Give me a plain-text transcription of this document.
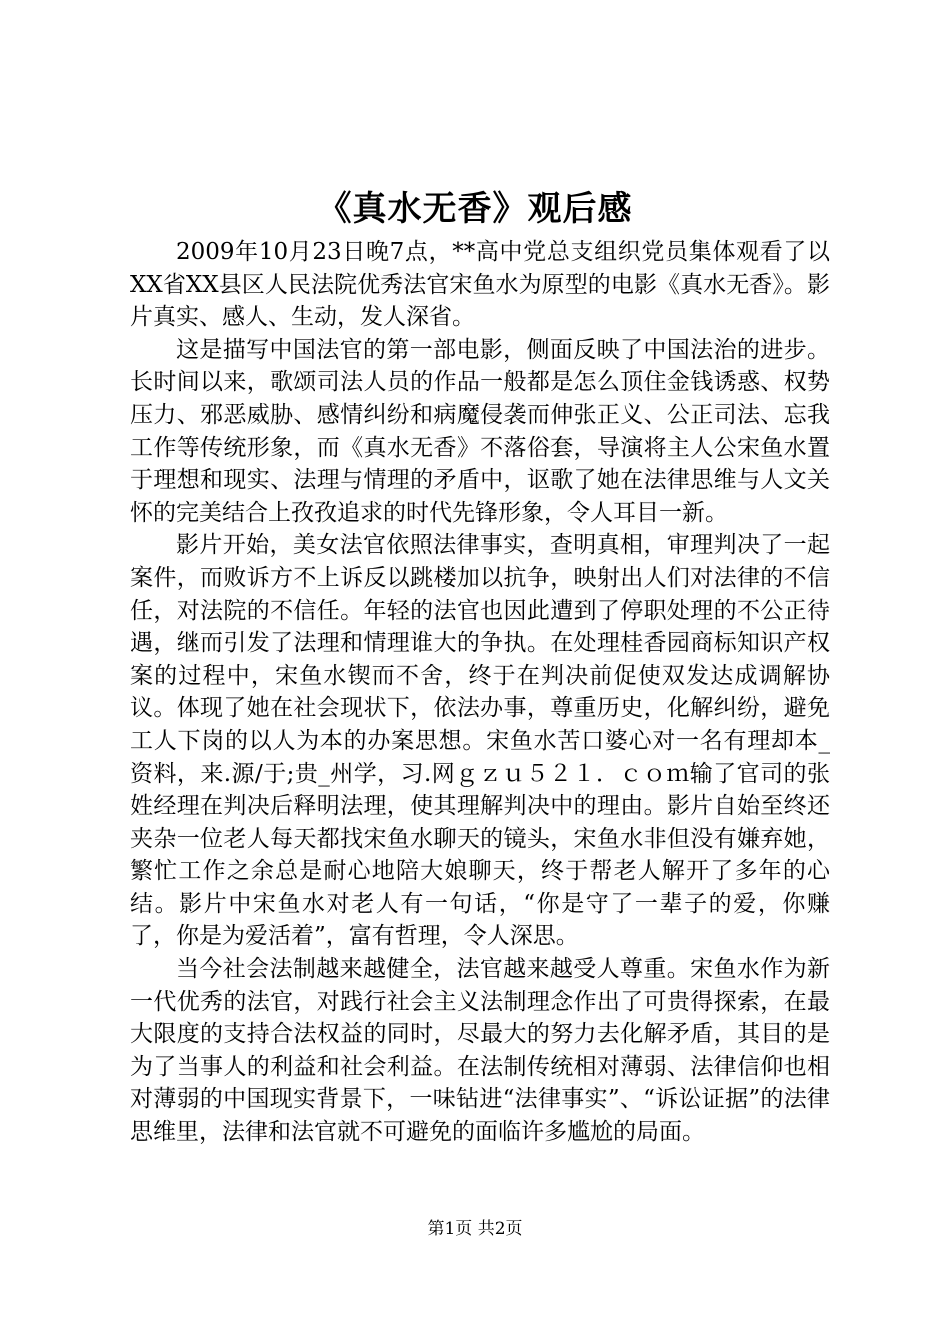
《真水无香》观后感

2009年10月23日晚7点，**高中党总支组织党员集体观看了以XX省XX县区人民法院优秀法官宋鱼水为原型的电影《真水无香》。影片真实、感人、生动，发人深省。

这是描写中国法官的第一部电影，侧面反映了中国法治的进步。长时间以来，歌颂司法人员的作品一般都是怎么顶住金钱诱惑、权势压力、邪恶威胁、感情纠纷和病魔侵袭而伸张正义、公正司法、忘我工作等传统形象，而《真水无香》不落俗套，导演将主人公宋鱼水置于理想和现实、法理与情理的矛盾中，讴歌了她在法律思维与人文关怀的完美结合上孜孜追求的时代先锋形象，令人耳目一新。

影片开始，美女法官依照法律事实，查明真相，审理判决了一起案件，而败诉方不上诉反以跳楼加以抗争，映射出人们对法律的不信任，对法院的不信任。年轻的法官也因此遭到了停职处理的不公正待遇，继而引发了法理和情理谁大的争执。在处理桂香园商标知识产权案的过程中，宋鱼水锲而不舍，终于在判决前促使双发达成调解协议。体现了她在社会现状下，依法办事，尊重历史，化解纠纷，避免工人下岗的以人为本的办案思想。宋鱼水苦口婆心对一名有理却本_资料，来.源/于;贵_州学，习.网ｇｚｕ５２１．ｃｏｍ输了官司的张姓经理在判决后释明法理，使其理解判决中的理由。影片自始至终还夹杂一位老人每天都找宋鱼水聊天的镜头，宋鱼水非但没有嫌弃她，繁忙工作之余总是耐心地陪大娘聊天，终于帮老人解开了多年的心结。影片中宋鱼水对老人有一句话，“你是守了一辈子的爱，你赚了，你是为爱活着”，富有哲理，令人深思。

当今社会法制越来越健全，法官越来越受人尊重。宋鱼水作为新一代优秀的法官，对践行社会主义法制理念作出了可贵得探索，在最大限度的支持合法权益的同时，尽最大的努力去化解矛盾，其目的是为了当事人的利益和社会利益。在法制传统相对薄弱、法律信仰也相对薄弱的中国现实背景下，一味钻进“法律事实”、“诉讼证据”的法律思维里，法律和法官就不可避免的面临许多尴尬的局面。

第1页 共2页
